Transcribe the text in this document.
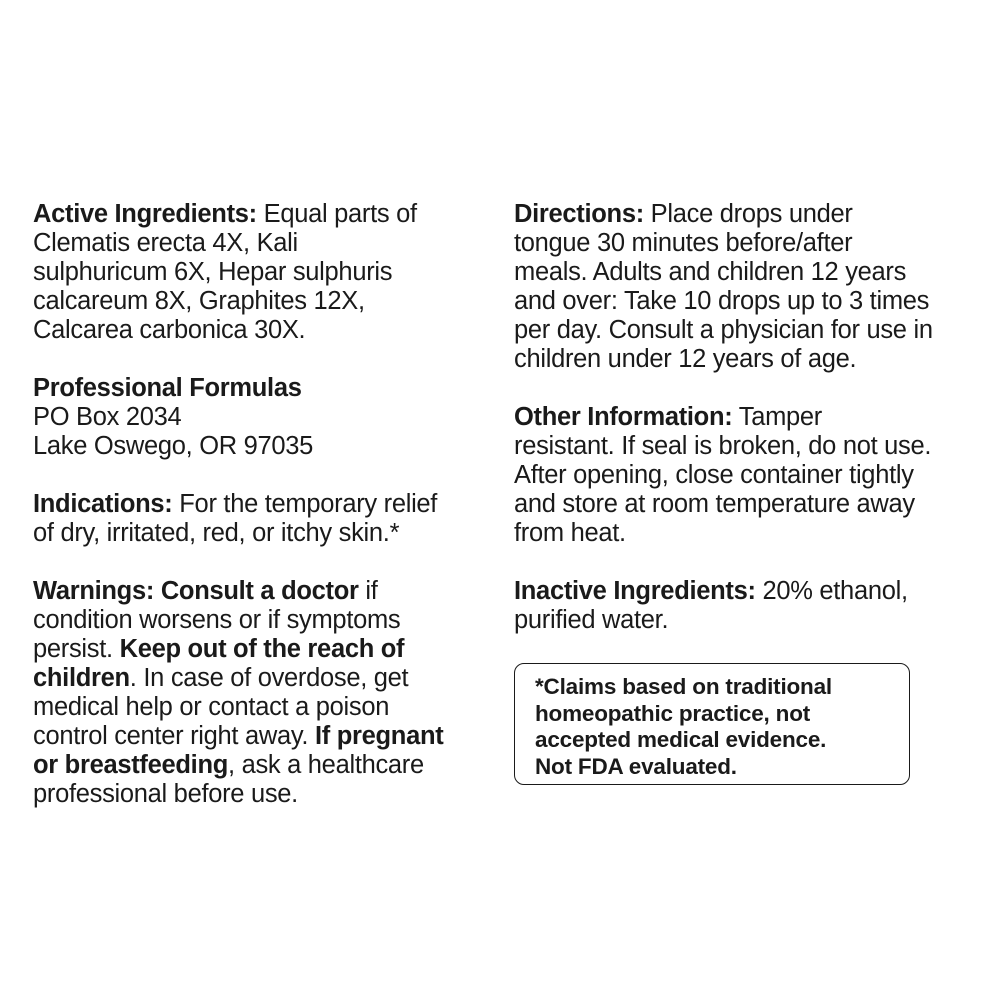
Active Ingredients: Equal parts of
Clematis erecta 4X, Kali
sulphuricum 6X, Hepar sulphuris
calcareum 8X, Graphites 12X,
Calcarea carbonica 30X.
Professional Formulas
PO Box 2034
Lake Oswego, OR 97035
Indications: For the temporary relief
of dry, irritated, red, or itchy skin.*
Warnings: Consult a doctor if
condition worsens or if symptoms
persist. Keep out of the reach of
children. In case of overdose, get
medical help or contact a poison
control center right away. If pregnant
or breastfeeding, ask a healthcare
professional before use.
Directions: Place drops under
tongue 30 minutes before/after
meals. Adults and children 12 years
and over: Take 10 drops up to 3 times
per day. Consult a physician for use in
children under 12 years of age.
Other Information: Tamper
resistant. If seal is broken, do not use.
After opening, close container tightly
and store at room temperature away
from heat.
Inactive Ingredients: 20% ethanol,
purified water.
*Claims based on traditional
homeopathic practice, not
accepted medical evidence.
Not FDA evaluated.
